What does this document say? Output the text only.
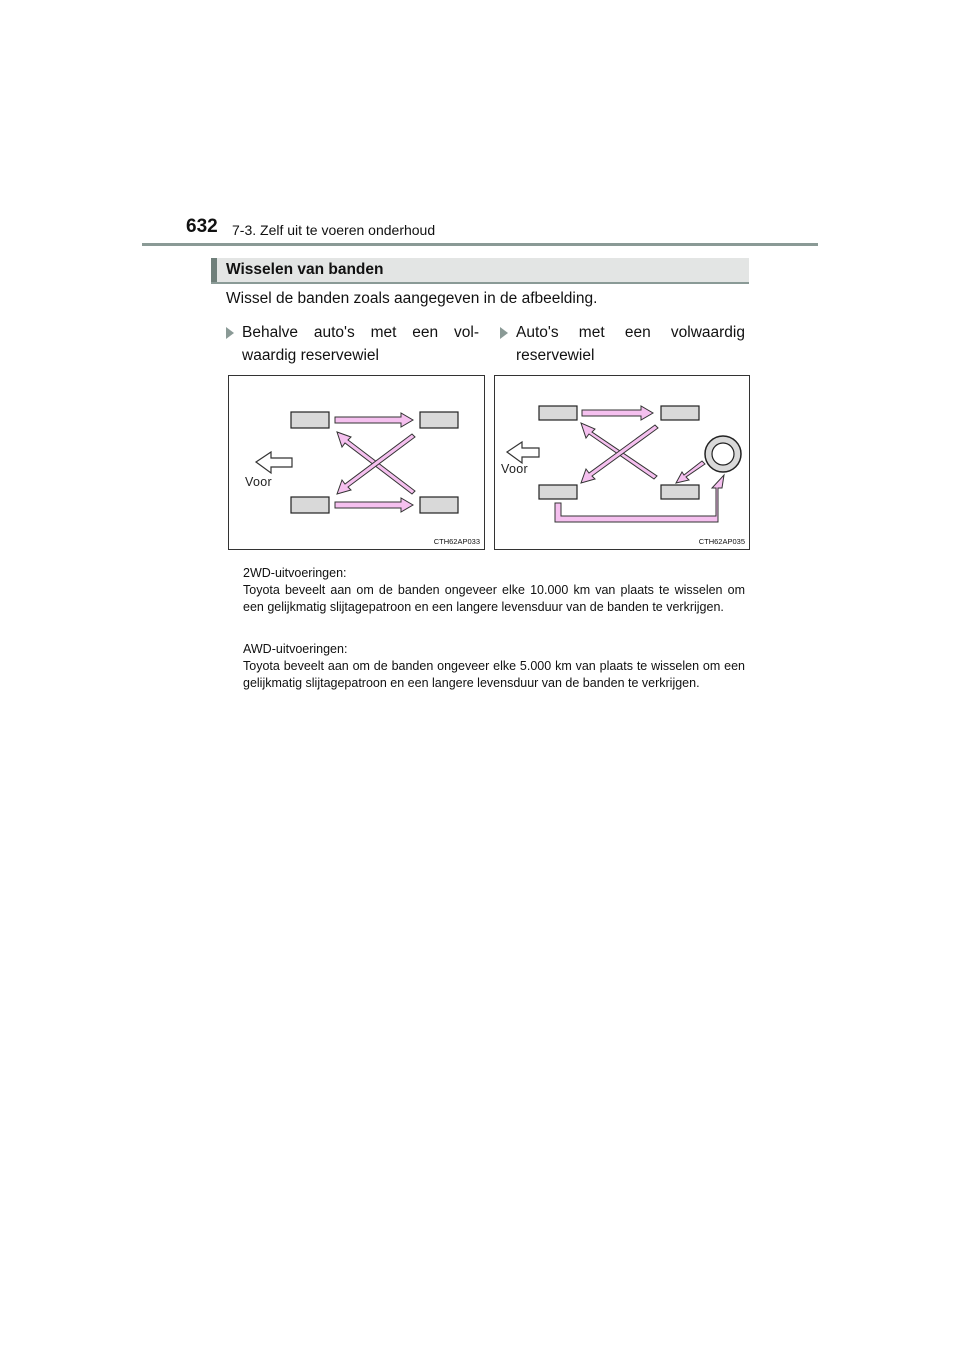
632 7-3. Zelf uit te voeren onderhoud
Wisselen van banden
Wissel de banden zoals aangegeven in de afbeelding.
Behalve auto's met een vol-waardig reservewiel
Auto's met een volwaardig reservewiel
Voor
CTH62AP033
Voor
CTH62AP035

2WD-uitvoeringen:

Toyota beveelt aan om de banden ongeveer elke 10.000 km van plaats te wisselen om een gelijkmatig slijtagepatroon en een langere levensduur van de banden te verkrijgen.

AWD-uitvoeringen:

Toyota beveelt aan om de banden ongeveer elke 5.000 km van plaats te wisselen om een gelijkmatig slijtagepatroon en een langere levensduur van de banden te verkrijgen.
